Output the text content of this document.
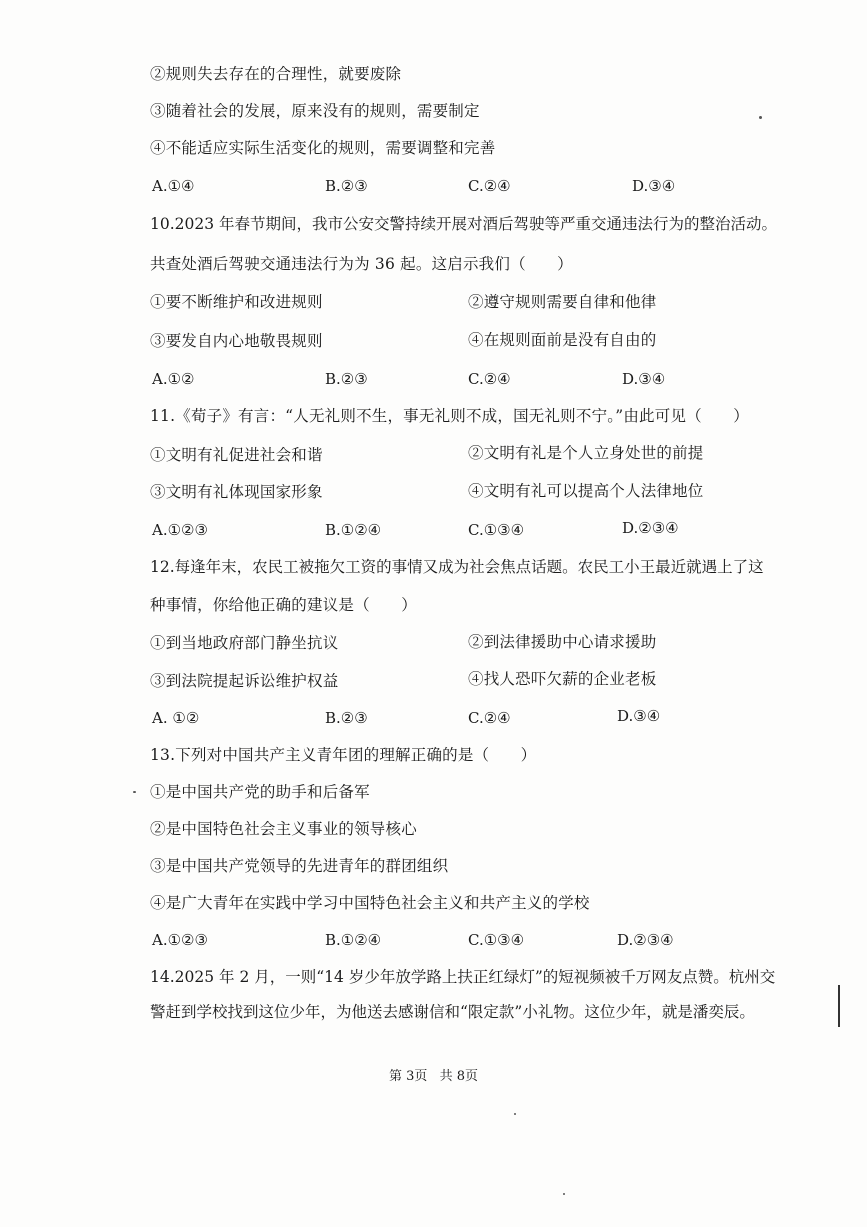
②规则失去存在的合理性，就要废除
③随着社会的发展，原来没有的规则，需要制定
④不能适应实际生活变化的规则，需要调整和完善
A.①④	B.②③	C.②④	D.③④
10.2023 年春节期间，我市公安交警持续开展对酒后驾驶等严重交通违法行为的整治活动。
共查处酒后驾驶交通违法行为为 36 起。这启示我们（　　）
①要不断维护和改进规则	②遵守规则需要自律和他律
③要发自内心地敬畏规则	④在规则面前是没有自由的
A.①②	B.②③	C.②④	D.③④
11.《荀子》有言：“人无礼则不生，事无礼则不成，国无礼则不宁。”由此可见（　　）
①文明有礼促进社会和谐	②文明有礼是个人立身处世的前提
③文明有礼体现国家形象	④文明有礼可以提高个人法律地位
A.①②③	B.①②④	C.①③④	D.②③④
12.每逢年末，农民工被拖欠工资的事情又成为社会焦点话题。农民工小王最近就遇上了这
种事情，你给他正确的建议是（　　）
①到当地政府部门静坐抗议	②到法律援助中心请求援助
③到法院提起诉讼维护权益	④找人恐吓欠薪的企业老板
A. ①②	B.②③	C.②④	D.③④
13.下列对中国共产主义青年团的理解正确的是（　　）
①是中国共产党的助手和后备军
②是中国特色社会主义事业的领导核心
③是中国共产党领导的先进青年的群团组织
④是广大青年在实践中学习中国特色社会主义和共产主义的学校
A.①②③	B.①②④	C.①③④	D.②③④
14.2025 年 2 月，一则“14 岁少年放学路上扶正红绿灯”的短视频被千万网友点赞。杭州交
警赶到学校找到这位少年，为他送去感谢信和“限定款”小礼物。这位少年，就是潘奕辰。
第 3页 共 8页
